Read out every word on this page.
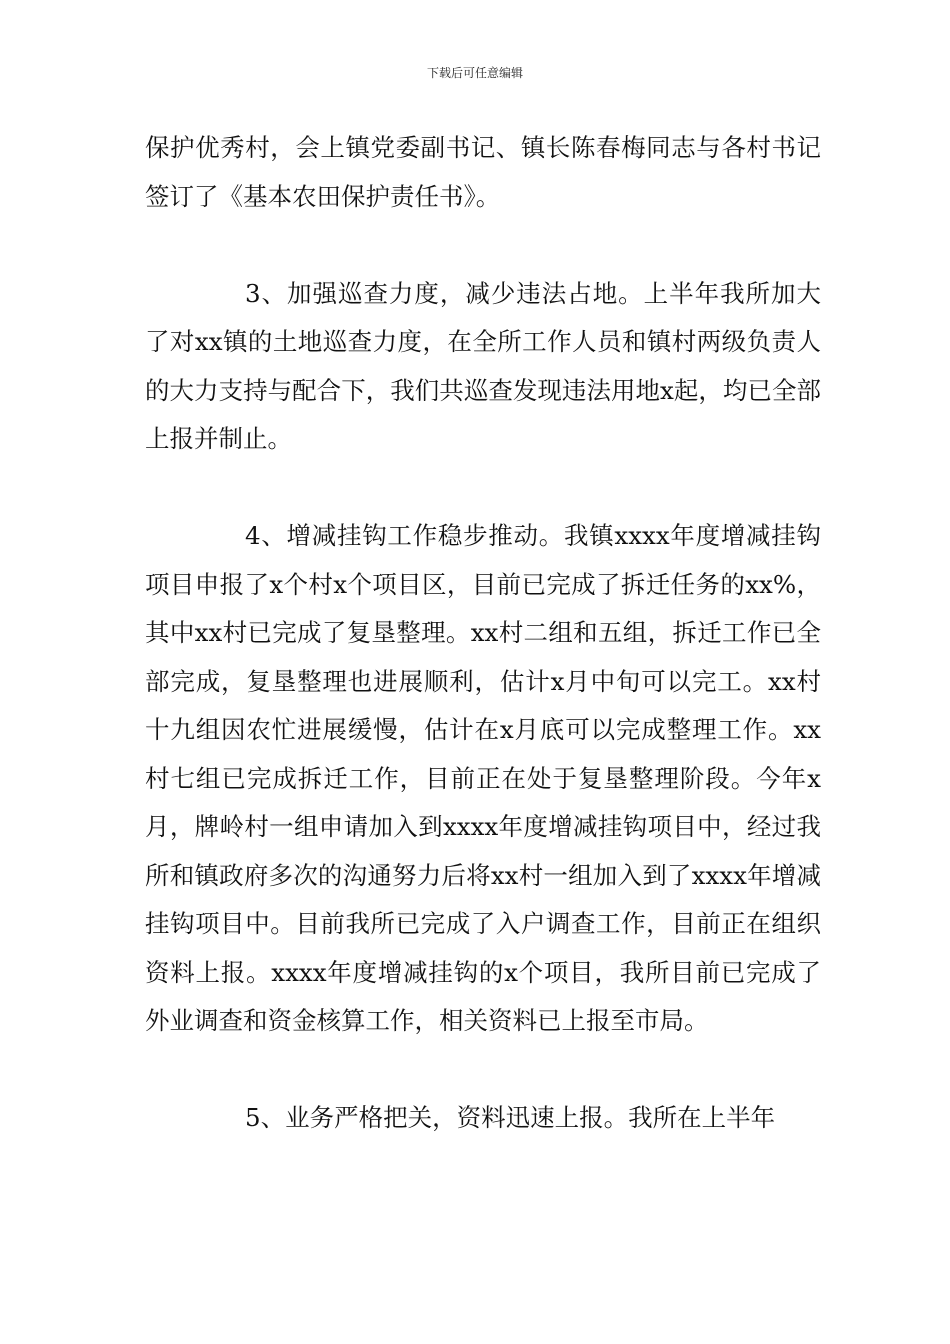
下载后可任意编辑

保护优秀村，会上镇党委副书记、镇长陈春梅同志与各村书记签订了《基本农田保护责任书》。

3、加强巡查力度，减少违法占地。上半年我所加大了对xx镇的土地巡查力度，在全所工作人员和镇村两级负责人的大力支持与配合下，我们共巡查发现违法用地x起，均已全部上报并制止。

4、增减挂钩工作稳步推动。我镇xxxx年度增减挂钩项目申报了x个村x个项目区，目前已完成了拆迁任务的xx%，其中xx村已完成了复垦整理。xx村二组和五组，拆迁工作已全部完成，复垦整理也进展顺利，估计x月中旬可以完工。xx村十九组因农忙进展缓慢，估计在x月底可以完成整理工作。xx村七组已完成拆迁工作，目前正在处于复垦整理阶段。今年x月，牌岭村一组申请加入到xxxx年度增减挂钩项目中，经过我所和镇政府多次的沟通努力后将xx村一组加入到了xxxx年增减挂钩项目中。目前我所已完成了入户调查工作，目前正在组织资料上报。xxxx年度增减挂钩的x个项目，我所目前已完成了外业调查和资金核算工作，相关资料已上报至市局。

5、业务严格把关，资料迅速上报。我所在上半年
